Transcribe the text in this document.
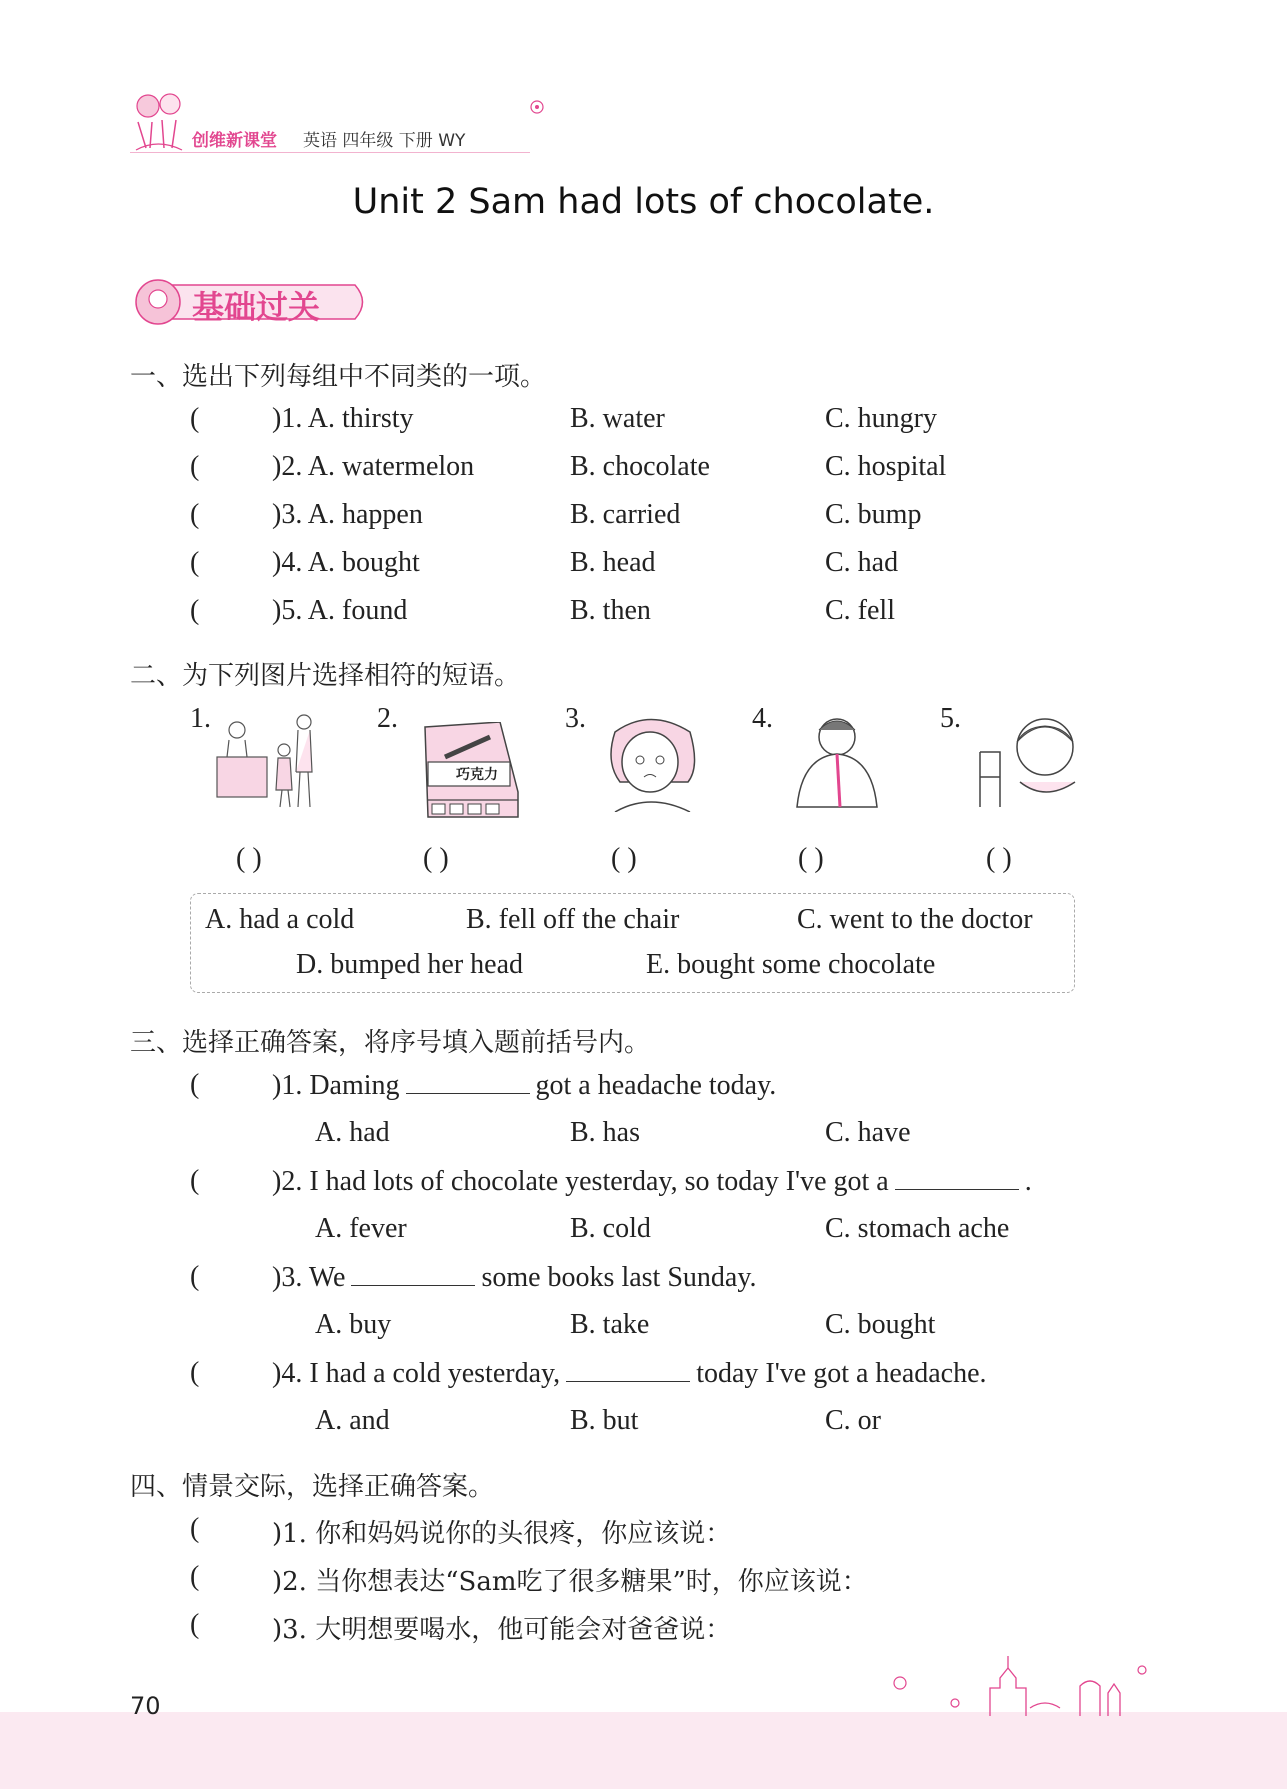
创维新课堂 英语 四年级 下册 WY
Unit 2 Sam had lots of chocolate.
基础过关
一、选出下列每组中不同类的一项。
(	)1. A. thirsty	B. water	C. hungry
(	)2. A. watermelon	B. chocolate	C. hospital
(	)3. A. happen	B. carried	C. bump
(	)4. A. bought	B. head	C. had
(	)5. A. found	B. then	C. fell
二、为下列图片选择相符的短语。
1.	2.
巧克力
3.	4.	5.
( )	( )	( )	( )	( )
A. had a cold	B. fell off the chair	C. went to the doctor
D. bumped her head	E. bought some chocolate
三、选择正确答案，将序号填入题前括号内。
(	)1. Daming	got a headache today.
A. had	B. has	C. have
(	)2. I had lots of chocolate yesterday, so today I've got a	.
A. fever	B. cold	C. stomach ache
(	)3. We	some books last Sunday.
A. buy	B. take	C. bought
(	)4. I had a cold yesterday,	today I've got a headache.
A. and	B. but	C. or
四、情景交际，选择正确答案。
(	)1. 你和妈妈说你的头很疼，你应该说：
(	)2. 当你想表达“Sam吃了很多糖果”时，你应该说：
(	)3. 大明想要喝水，他可能会对爸爸说：
70
